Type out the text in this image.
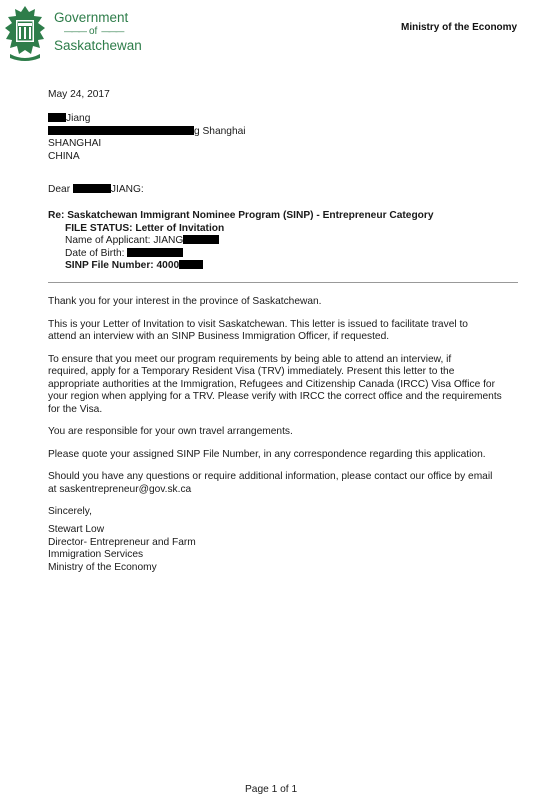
Government
——— of ———
Saskatchewan
Ministry of the Economy
May 24, 2017
Jiang
g Shanghai
SHANGHAI
CHINA
Dear	JIANG:
Re: Saskatchewan Immigrant Nominee Program (SINP) - Entrepreneur Category
FILE STATUS: Letter of Invitation
Name of Applicant: JIANG
Date of Birth:
SINP File Number: 4000
Thank you for your interest in the province of Saskatchewan.
This is your Letter of Invitation to visit Saskatchewan. This letter is issued to facilitate travel to
attend an interview with an SINP Business Immigration Officer, if requested.
To ensure that you meet our program requirements by being able to attend an interview, if
required, apply for a Temporary Resident Visa (TRV) immediately. Present this letter to the
appropriate authorities at the Immigration, Refugees and Citizenship Canada (IRCC) Visa Office for
your region when applying for a TRV. Please verify with IRCC the correct office and the requirements
for the Visa.
You are responsible for your own travel arrangements.
Please quote your assigned SINP File Number, in any correspondence regarding this application.
Should you have any questions or require additional information, please contact our office by email
at saskentrepreneur@gov.sk.ca
Sincerely,
Stewart Low
Director- Entrepreneur and Farm
Immigration Services
Ministry of the Economy
Page 1 of 1
